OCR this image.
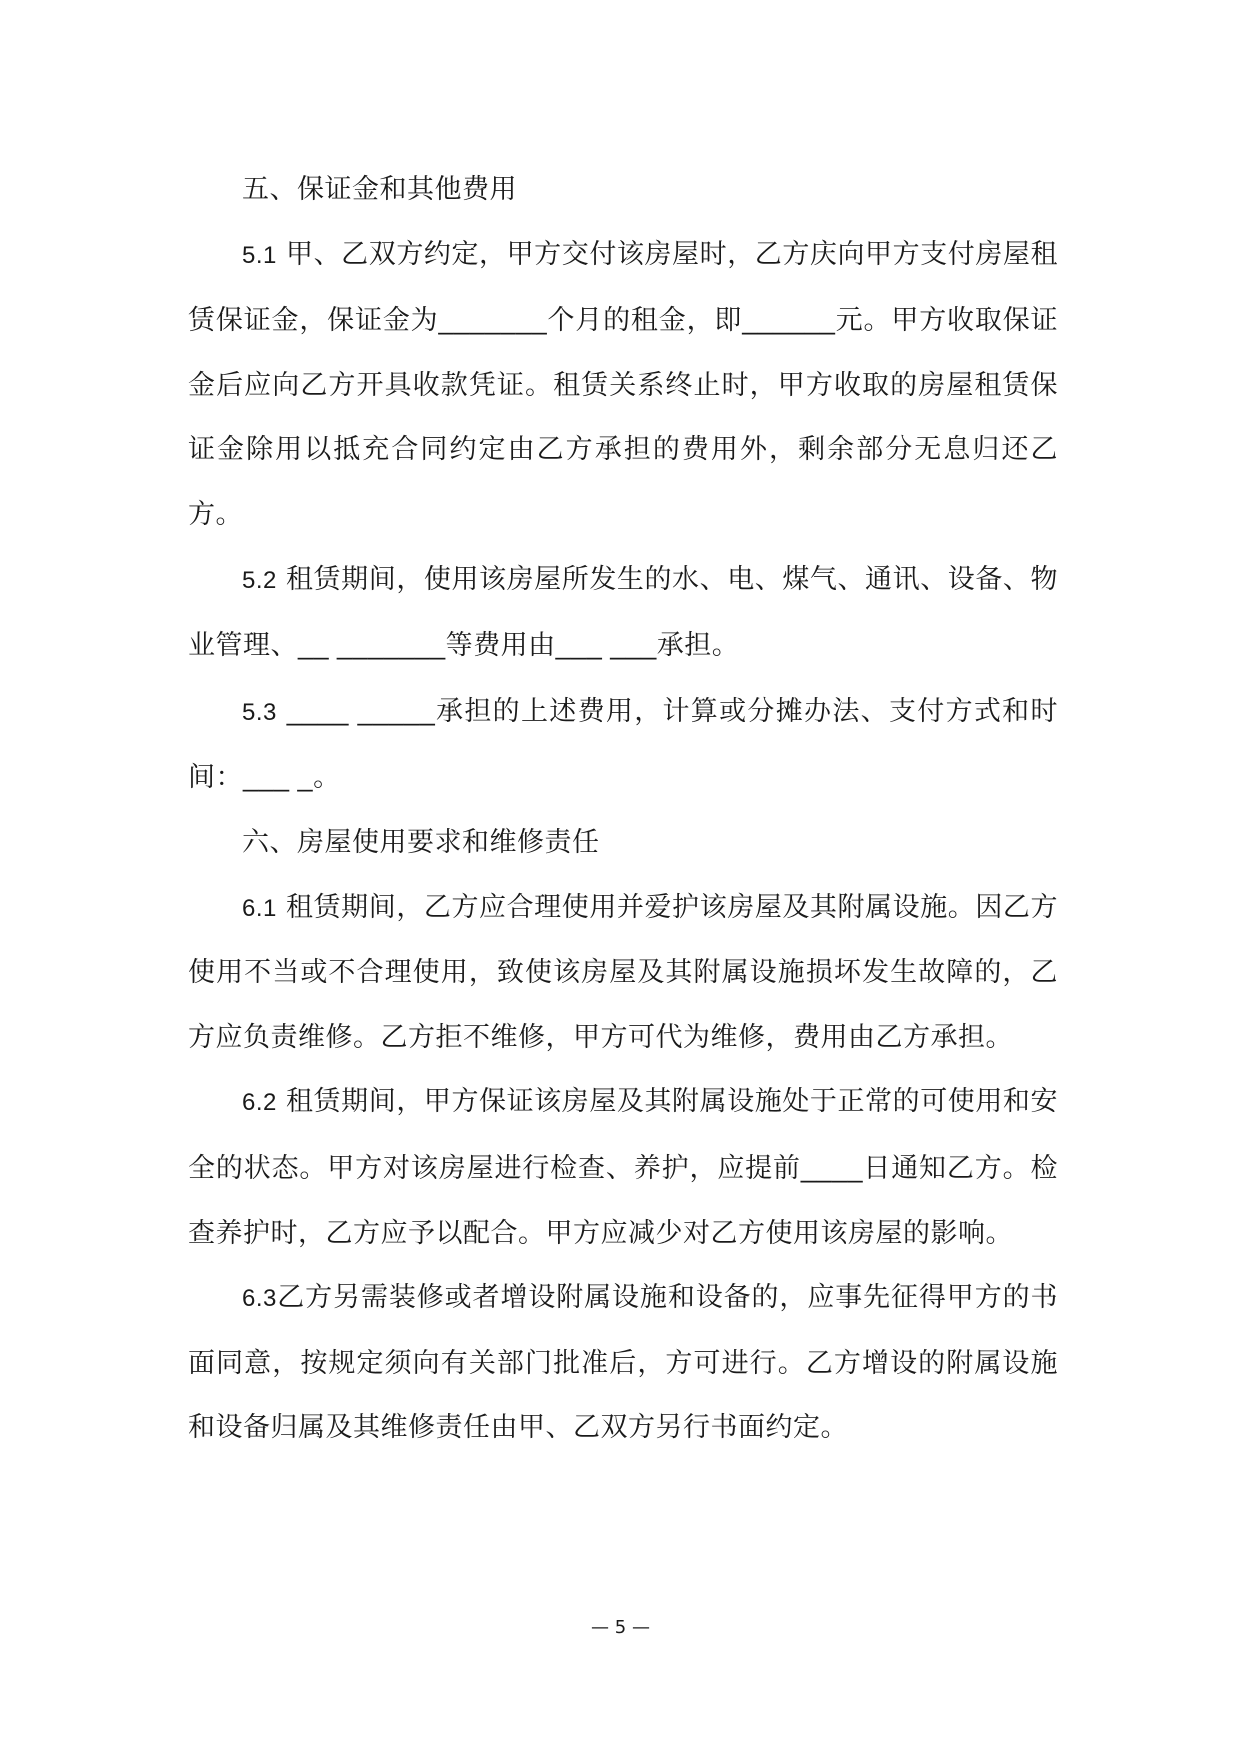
五、保证金和其他费用

5.1 甲、乙双方约定，甲方交付该房屋时，乙方庆向甲方支付房屋租赁保证金，保证金为_______个月的租金，即______元。甲方收取保证金后应向乙方开具收款凭证。租赁关系终止时，甲方收取的房屋租赁保证金除用以抵充合同约定由乙方承担的费用外，剩余部分无息归还乙方。

5.2 租赁期间，使用该房屋所发生的水、电、煤气、通讯、设备、物业管理、__ _______等费用由___ ___承担。

5.3 ____ _____承担的上述费用，计算或分摊办法、支付方式和时间：___ _。

六、房屋使用要求和维修责任

6.1 租赁期间，乙方应合理使用并爱护该房屋及其附属设施。因乙方使用不当或不合理使用，致使该房屋及其附属设施损坏发生故障的，乙方应负责维修。乙方拒不维修，甲方可代为维修，费用由乙方承担。

6.2 租赁期间，甲方保证该房屋及其附属设施处于正常的可使用和安全的状态。甲方对该房屋进行检查、养护，应提前____日通知乙方。检查养护时，乙方应予以配合。甲方应减少对乙方使用该房屋的影响。

6.3乙方另需装修或者增设附属设施和设备的，应事先征得甲方的书面同意，按规定须向有关部门批准后，方可进行。乙方增设的附属设施和设备归属及其维修责任由甲、乙双方另行书面约定。

— 5 —
